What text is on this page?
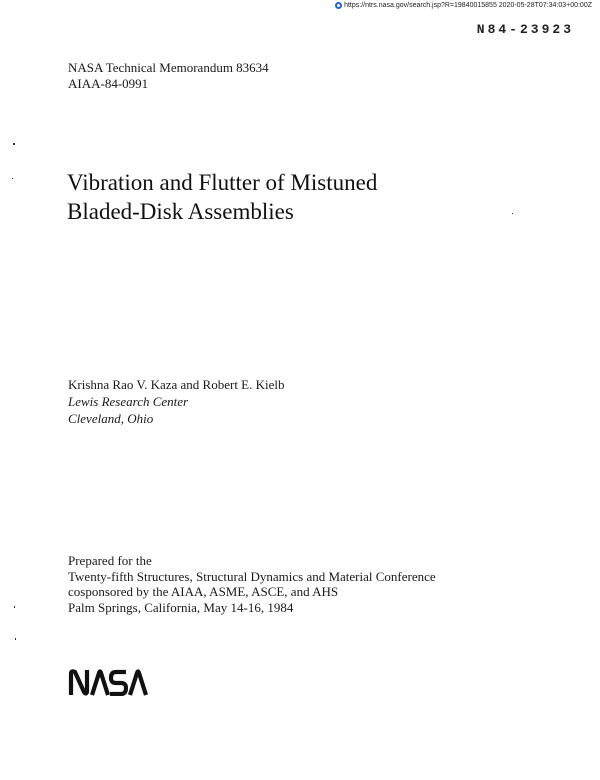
https://ntrs.nasa.gov/search.jsp?R=19840015855 2020-05-28T07:34:03+00:00Z
N84-23923
NASA Technical Memorandum 83634
AIAA-84-0991
Vibration and Flutter of Mistuned
Bladed-Disk Assemblies
Krishna Rao V. Kaza and Robert E. Kielb
Lewis Research Center
Cleveland, Ohio
Prepared for the
Twenty-fifth Structures, Structural Dynamics and Material Conference
cosponsored by the AIAA, ASME, ASCE, and AHS
Palm Springs, California, May 14-16, 1984
